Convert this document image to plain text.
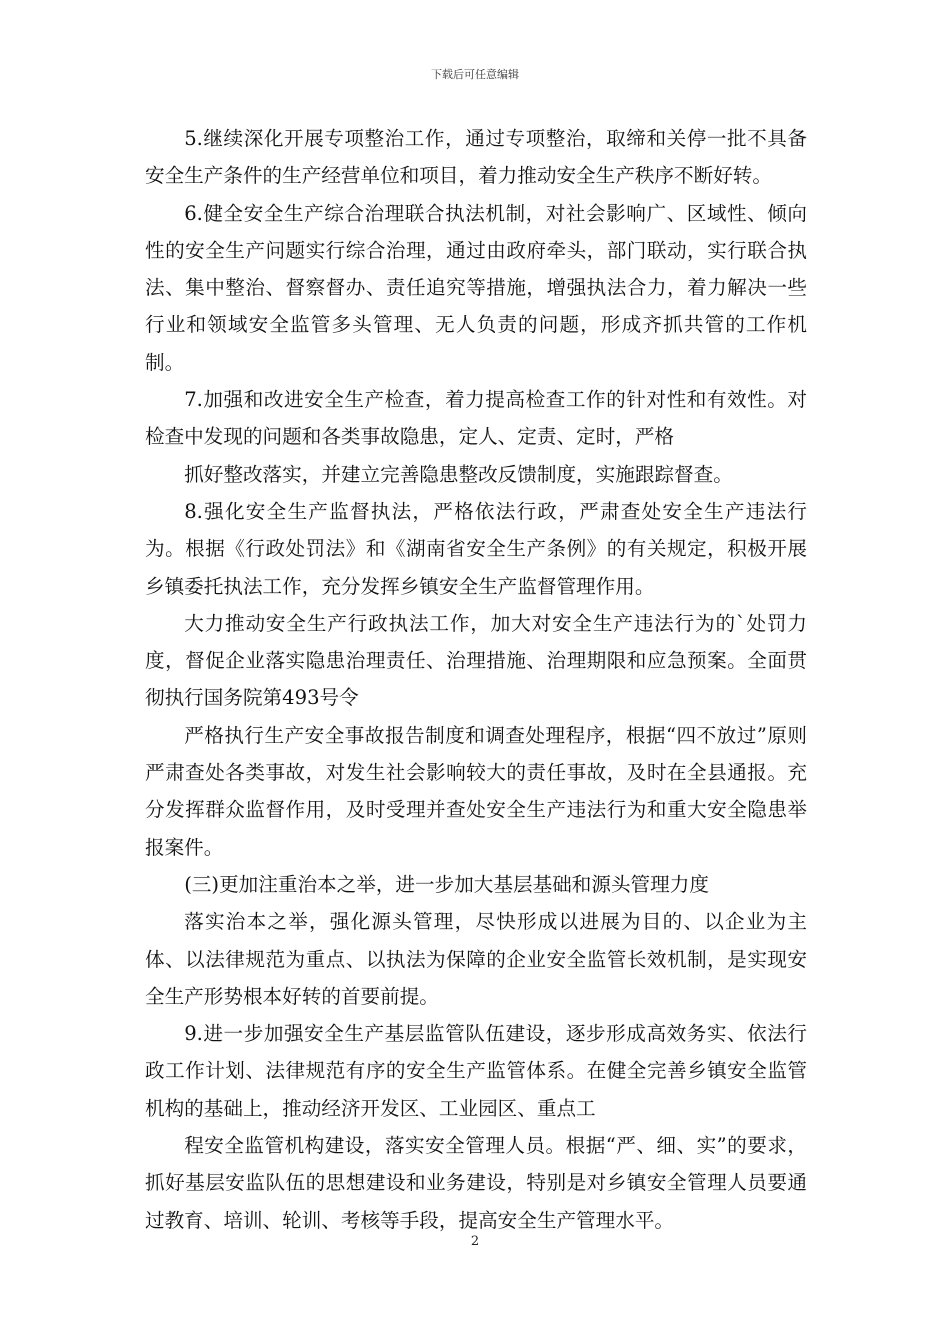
下载后可任意编辑

5.继续深化开展专项整治工作，通过专项整治，取缔和关停一批不具备安全生产条件的生产经营单位和项目，着力推动安全生产秩序不断好转。

6.健全安全生产综合治理联合执法机制，对社会影响广、区域性、倾向性的安全生产问题实行综合治理，通过由政府牵头，部门联动，实行联合执法、集中整治、督察督办、责任追究等措施，增强执法合力，着力解决一些行业和领域安全监管多头管理、无人负责的问题，形成齐抓共管的工作机制。

7.加强和改进安全生产检查，着力提高检查工作的针对性和有效性。对检查中发现的问题和各类事故隐患，定人、定责、定时，严格

抓好整改落实，并建立完善隐患整改反馈制度，实施跟踪督查。

8.强化安全生产监督执法，严格依法行政，严肃查处安全生产违法行为。根据《行政处罚法》和《湖南省安全生产条例》的有关规定，积极开展乡镇委托执法工作，充分发挥乡镇安全生产监督管理作用。

大力推动安全生产行政执法工作，加大对安全生产违法行为的`处罚力度，督促企业落实隐患治理责任、治理措施、治理期限和应急预案。全面贯彻执行国务院第493号令

严格执行生产安全事故报告制度和调查处理程序，根据“四不放过”原则严肃查处各类事故，对发生社会影响较大的责任事故，及时在全县通报。充分发挥群众监督作用，及时受理并查处安全生产违法行为和重大安全隐患举报案件。

(三)更加注重治本之举，进一步加大基层基础和源头管理力度

落实治本之举，强化源头管理，尽快形成以进展为目的、以企业为主体、以法律规范为重点、以执法为保障的企业安全监管长效机制，是实现安全生产形势根本好转的首要前提。

9.进一步加强安全生产基层监管队伍建设，逐步形成高效务实、依法行政工作计划、法律规范有序的安全生产监管体系。在健全完善乡镇安全监管机构的基础上，推动经济开发区、工业园区、重点工

程安全监管机构建设，落实安全管理人员。根据“严、细、实”的要求，抓好基层安监队伍的思想建设和业务建设，特别是对乡镇安全管理人员要通过教育、培训、轮训、考核等手段，提高安全生产管理水平。

2
